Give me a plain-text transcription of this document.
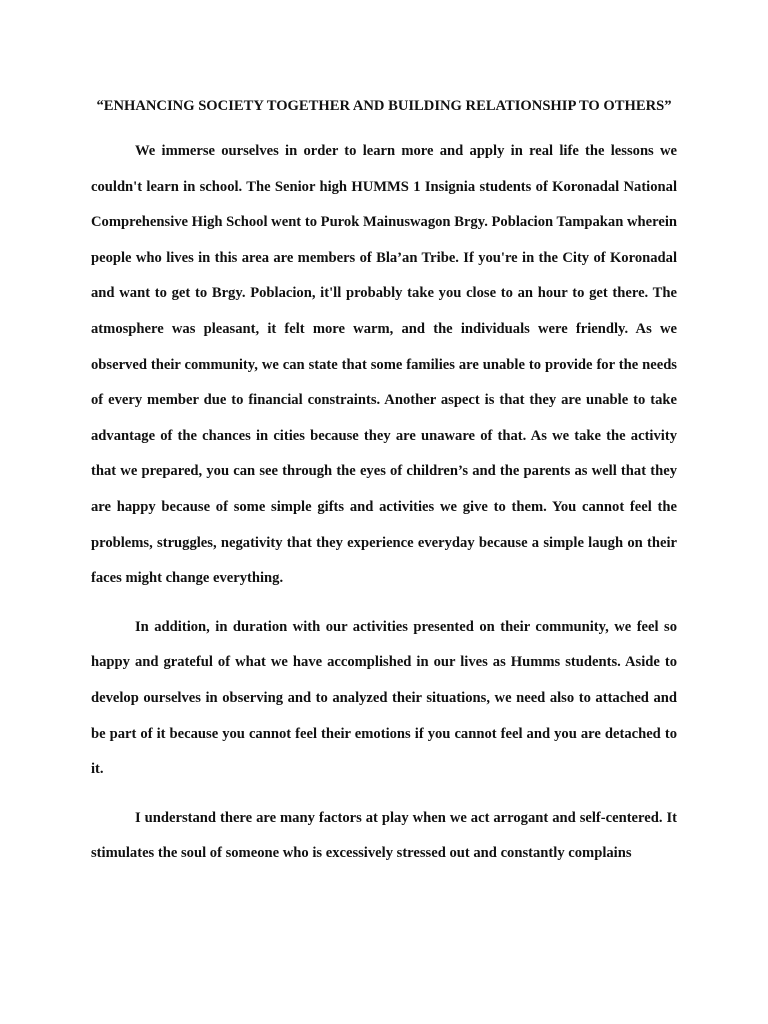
“ENHANCING SOCIETY TOGETHER AND BUILDING RELATIONSHIP TO OTHERS”

We immerse ourselves in order to learn more and apply in real life the lessons we couldn't learn in school. The Senior high HUMMS 1 Insignia students of Koronadal National Comprehensive High School went to Purok Mainuswagon Brgy. Poblacion Tampakan wherein people who lives in this area are members of Bla’an Tribe. If you're in the City of Koronadal and want to get to Brgy. Poblacion, it'll probably take you close to an hour to get there. The atmosphere was pleasant, it felt more warm, and the individuals were friendly. As we observed their community, we can state that some families are unable to provide for the needs of every member due to financial constraints. Another aspect is that they are unable to take advantage of the chances in cities because they are unaware of that. As we take the activity that we prepared, you can see through the eyes of children’s and the parents as well that they are happy because of some simple gifts and activities we give to them. You cannot feel the problems, struggles, negativity that they experience everyday because a simple laugh on their faces might change everything.

In addition, in duration with our activities presented on their community, we feel so happy and grateful of what we have accomplished in our lives as Humms students. Aside to develop ourselves in observing and to analyzed their situations, we need also to attached and be part of it because you cannot feel their emotions if you cannot feel and you are detached to it.

I understand there are many factors at play when we act arrogant and self-centered. It stimulates the soul of someone who is excessively stressed out and constantly complains
